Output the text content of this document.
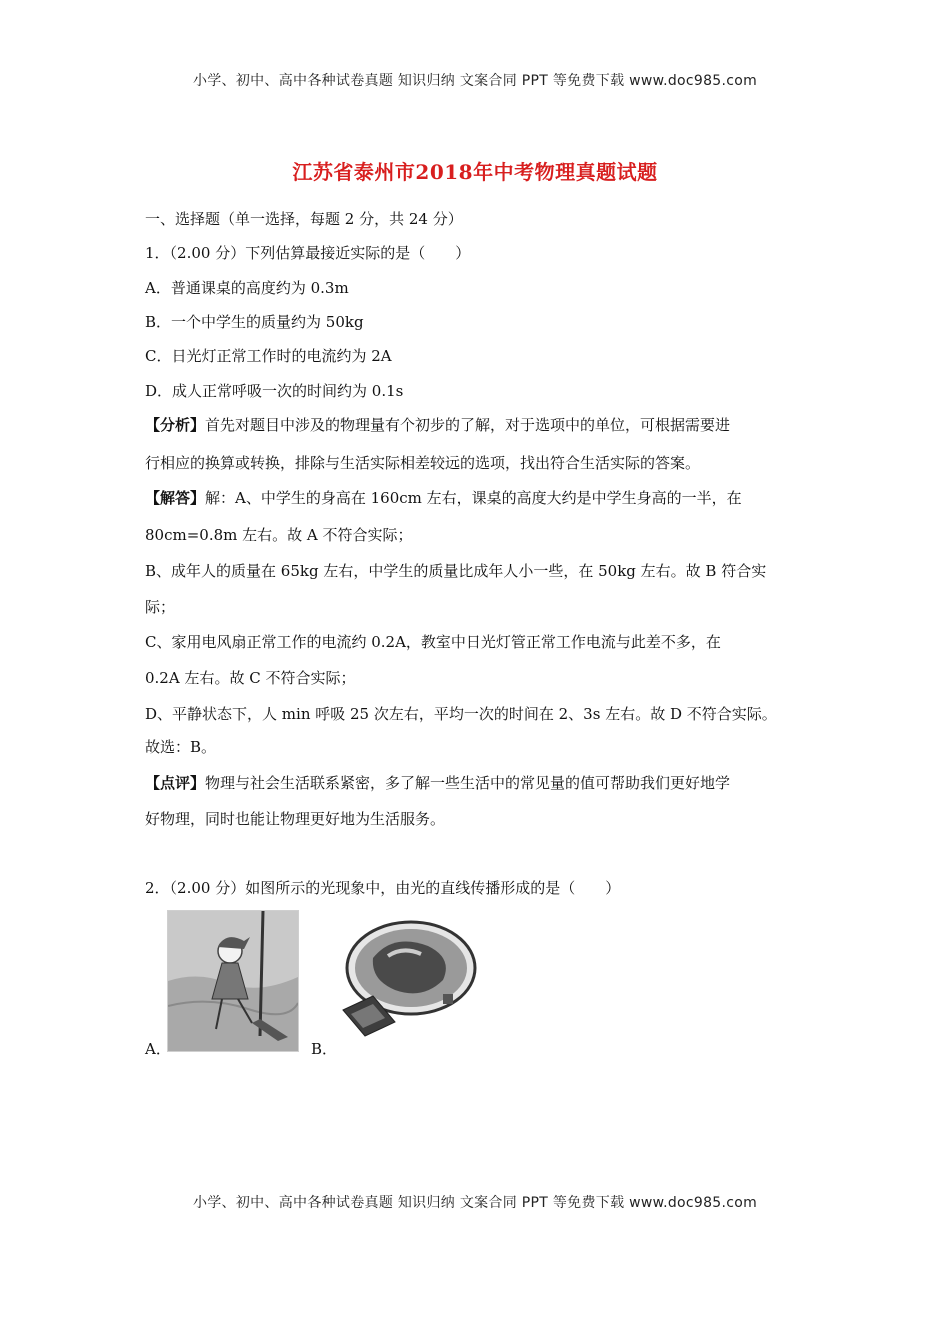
小学、初中、高中各种试卷真题 知识归纳 文案合同 PPT 等免费下载 www.doc985.com
江苏省泰州市2018年中考物理真题试题
一、选择题（单一选择，每题 2 分，共 24 分）
1．（2.00 分）下列估算最接近实际的是（　　）
A．普通课桌的高度约为 0.3m
B．一个中学生的质量约为 50kg
C．日光灯正常工作时的电流约为 2A
D．成人正常呼吸一次的时间约为 0.1s
【分析】首先对题目中涉及的物理量有个初步的了解，对于选项中的单位，可根据需要进
行相应的换算或转换，排除与生活实际相差较远的选项，找出符合生活实际的答案。
【解答】解：A、中学生的身高在 160cm 左右，课桌的高度大约是中学生身高的一半，在
80cm=0.8m 左右。故 A 不符合实际；
B、成年人的质量在 65kg 左右，中学生的质量比成年人小一些，在 50kg 左右。故 B 符合实
际；
C、家用电风扇正常工作的电流约 0.2A，教室中日光灯管正常工作电流与此差不多，在
0.2A 左右。故 C 不符合实际；
D、平静状态下，人 min 呼吸 25 次左右，平均一次的时间在 2、3s 左右。故 D 不符合实际。
故选：B。
【点评】物理与社会生活联系紧密，多了解一些生活中的常见量的值可帮助我们更好地学
好物理，同时也能让物理更好地为生活服务。
2．（2.00 分）如图所示的光现象中，由光的直线传播形成的是（　　）
A．	B．
小学、初中、高中各种试卷真题 知识归纳 文案合同 PPT 等免费下载 www.doc985.com
